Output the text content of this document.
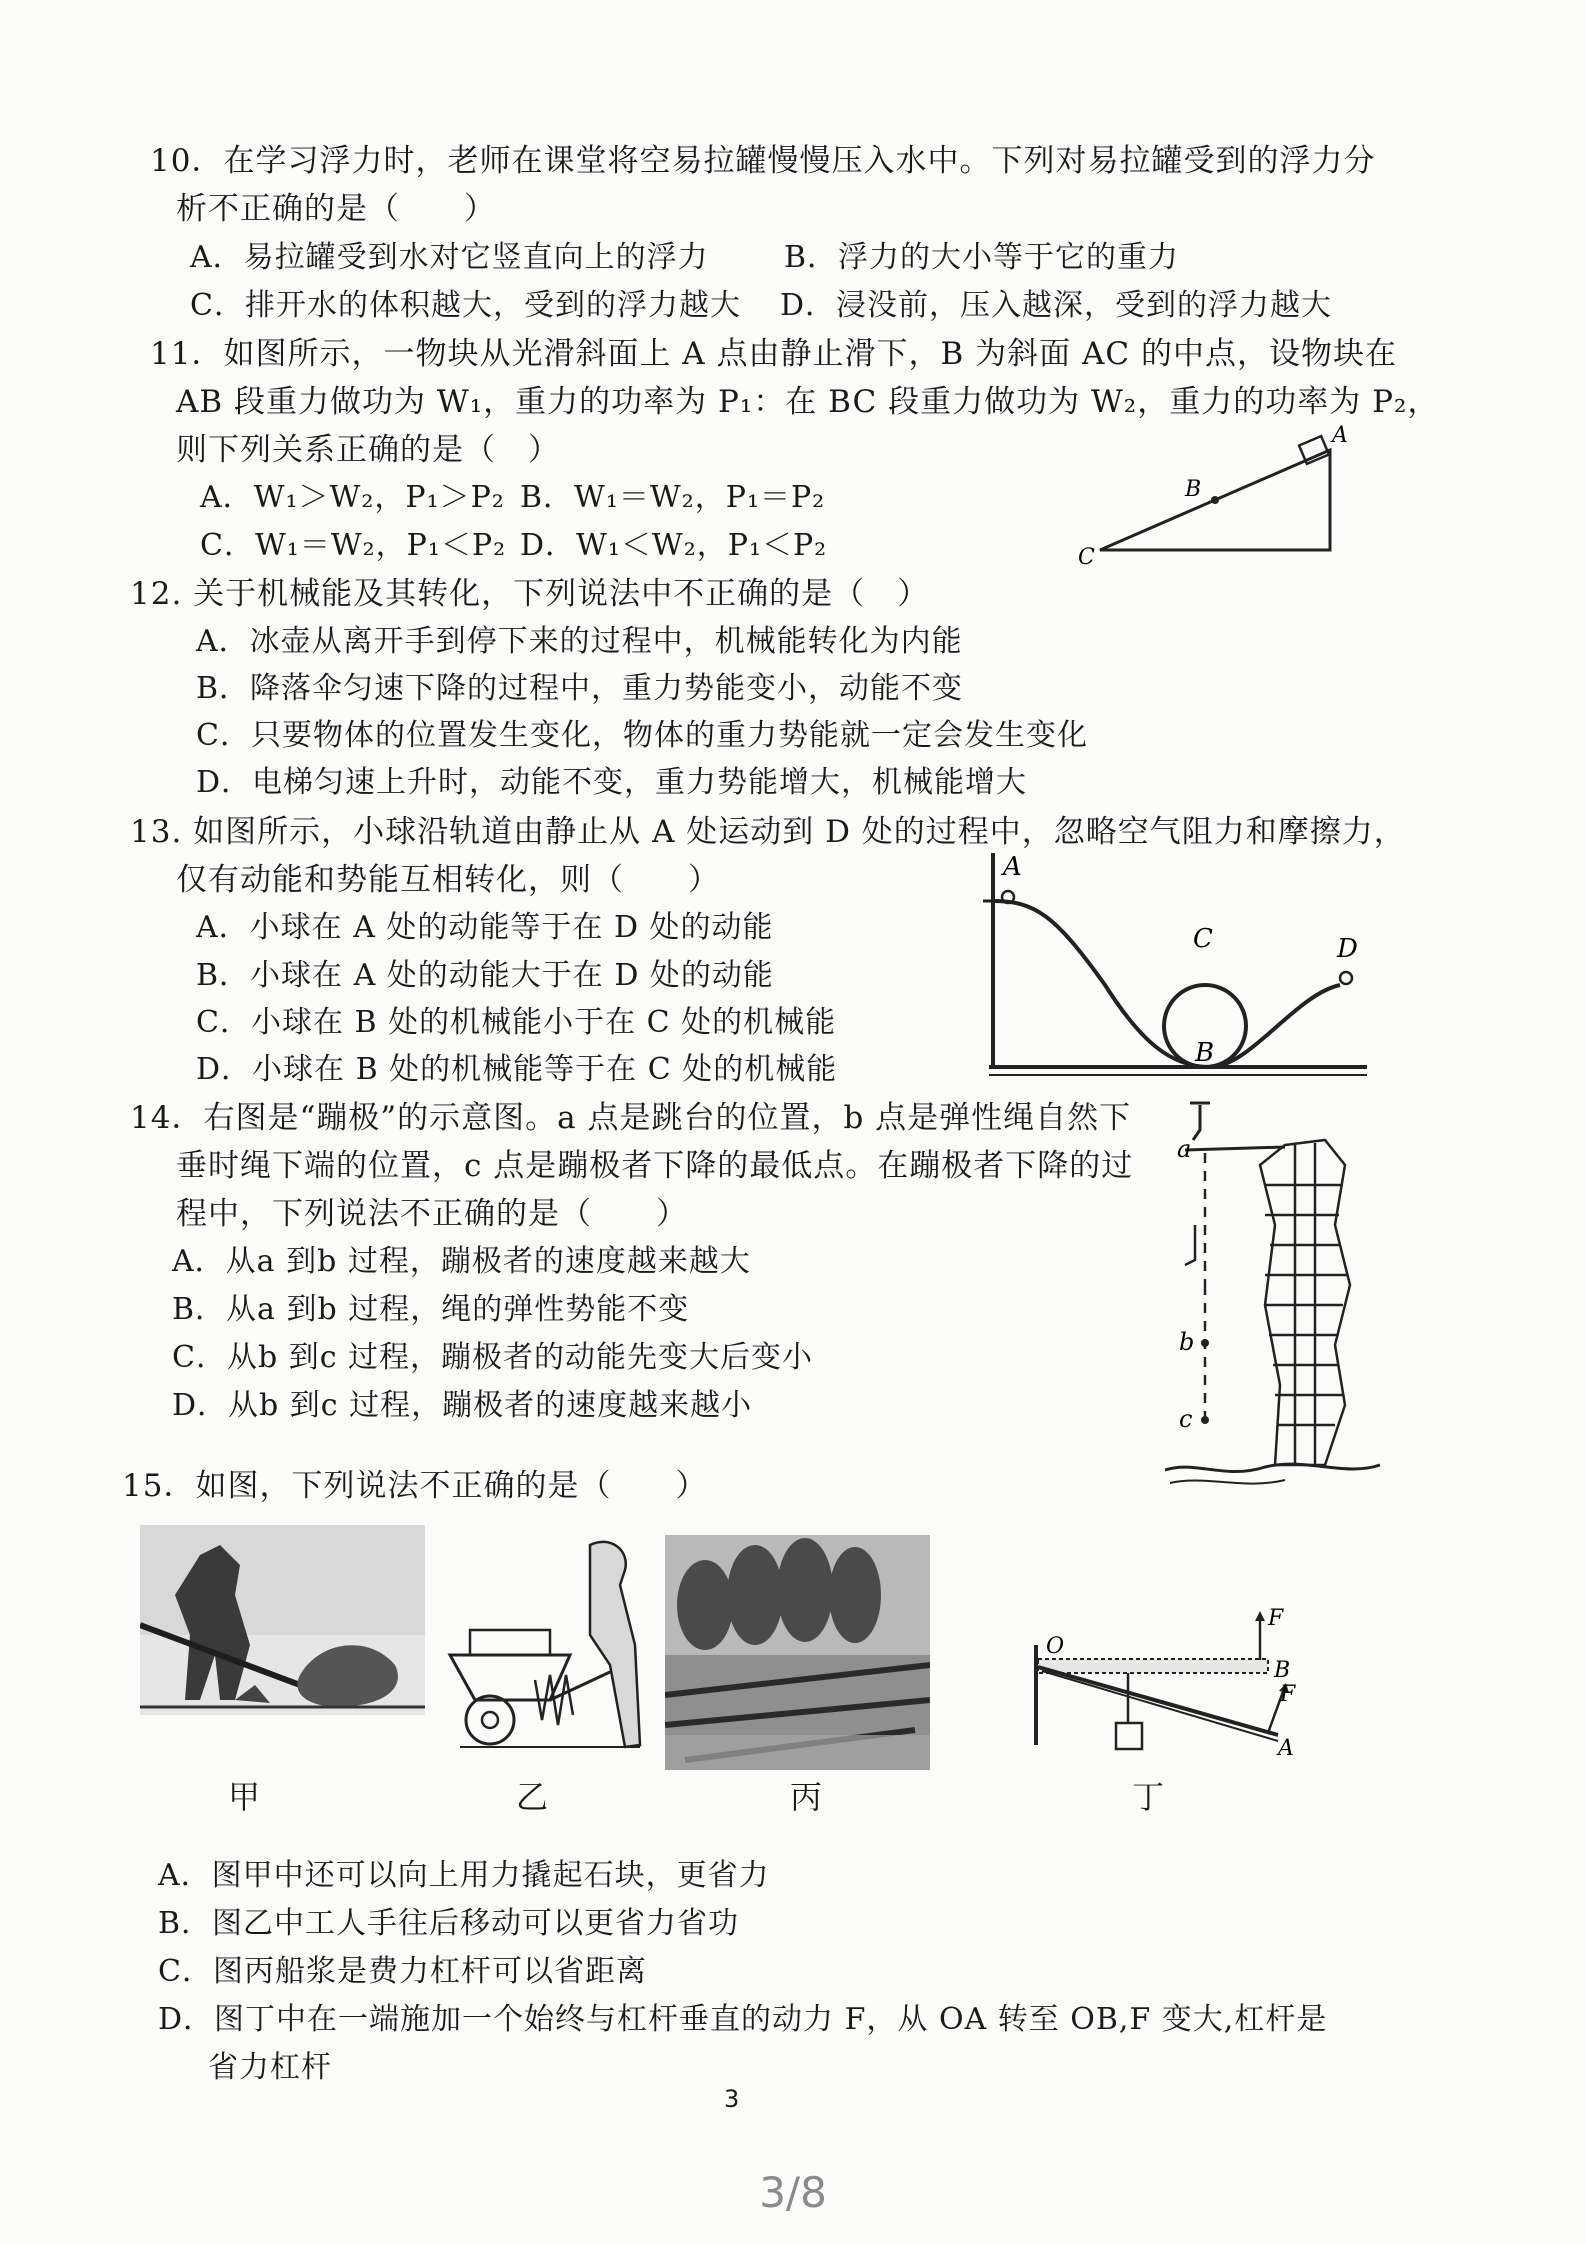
10．在学习浮力时，老师在课堂将空易拉罐慢慢压入水中。下列对易拉罐受到的浮力分
析不正确的是（　　）
A．易拉罐受到水对它竖直向上的浮力	B．浮力的大小等于它的重力
C．排开水的体积越大，受到的浮力越大 D．浸没前，压入越深，受到的浮力越大
11．如图所示，一物块从光滑斜面上 A 点由静止滑下，B 为斜面 AC 的中点，设物块在
AB 段重力做功为 W₁，重力的功率为 P₁：在 BC 段重力做功为 W₂，重力的功率为 P₂，
则下列关系正确的是（　）
A．W₁＞W₂，P₁＞P₂ B．W₁＝W₂，P₁＝P₂
C．W₁＝W₂，P₁＜P₂ D．W₁＜W₂，P₁＜P₂
A
B
C
12. 关于机械能及其转化，下列说法中不正确的是（　）
A．冰壶从离开手到停下来的过程中，机械能转化为内能
B．降落伞匀速下降的过程中，重力势能变小，动能不变
C．只要物体的位置发生变化，物体的重力势能就一定会发生变化
D．电梯匀速上升时，动能不变，重力势能增大，机械能增大
13. 如图所示，小球沿轨道由静止从 A 处运动到 D 处的过程中，忽略空气阻力和摩擦力，
仅有动能和势能互相转化，则（　　）
A．小球在 A 处的动能等于在 D 处的动能
B．小球在 A 处的动能大于在 D 处的动能
C．小球在 B 处的机械能小于在 C 处的机械能
D．小球在 B 处的机械能等于在 C 处的机械能
A
B
C	D
14．右图是“蹦极”的示意图。a 点是跳台的位置，b 点是弹性绳自然下
垂时绳下端的位置，c 点是蹦极者下降的最低点。在蹦极者下降的过
程中，下列说法不正确的是（　　）
A．从a 到b 过程，蹦极者的速度越来越大
B．从a 到b 过程，绳的弹性势能不变
C．从b 到c 过程，蹦极者的动能先变大后变小
D．从b 到c 过程，蹦极者的速度越来越小
a
b
c
15．如图，下列说法不正确的是（　　）
O
F
B
F
A
甲	乙	丙	丁
A．图甲中还可以向上用力撬起石块，更省力
B．图乙中工人手往后移动可以更省力省功
C．图丙船浆是费力杠杆可以省距离
D．图丁中在一端施加一个始终与杠杆垂直的动力 F，从 OA 转至 OB,F 变大,杠杆是
省力杠杆
3
3/8
